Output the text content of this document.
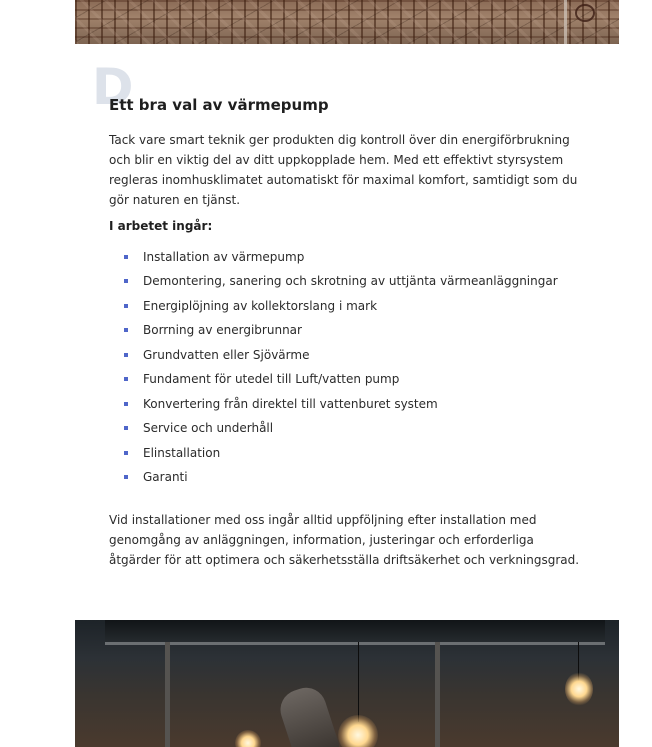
D
Ett bra val av värmepump

Tack vare smart teknik ger produkten dig kontroll över din energiförbrukning och blir en viktig del av ditt uppkopplade hem. Med ett effektivt styrsystem regleras inomhusklimatet automatiskt för maximal komfort, samtidigt som du gör naturen en tjänst.

I arbetet ingår:

Installation av värmepump
Demontering, sanering och skrotning av uttjänta värmeanläggningar
Energiplöjning av kollektorslang i mark
Borrning av energibrunnar
Grundvatten eller Sjövärme
Fundament för utedel till Luft/vatten pump
Konvertering från direktel till vattenburet system
Service och underhåll
Elinstallation
Garanti

Vid installationer med oss ingår alltid uppföljning efter installation med genomgång av anläggningen, information, justeringar och erforderliga åtgärder för att optimera och säkerhetsställa driftsäkerhet och verkningsgrad.
